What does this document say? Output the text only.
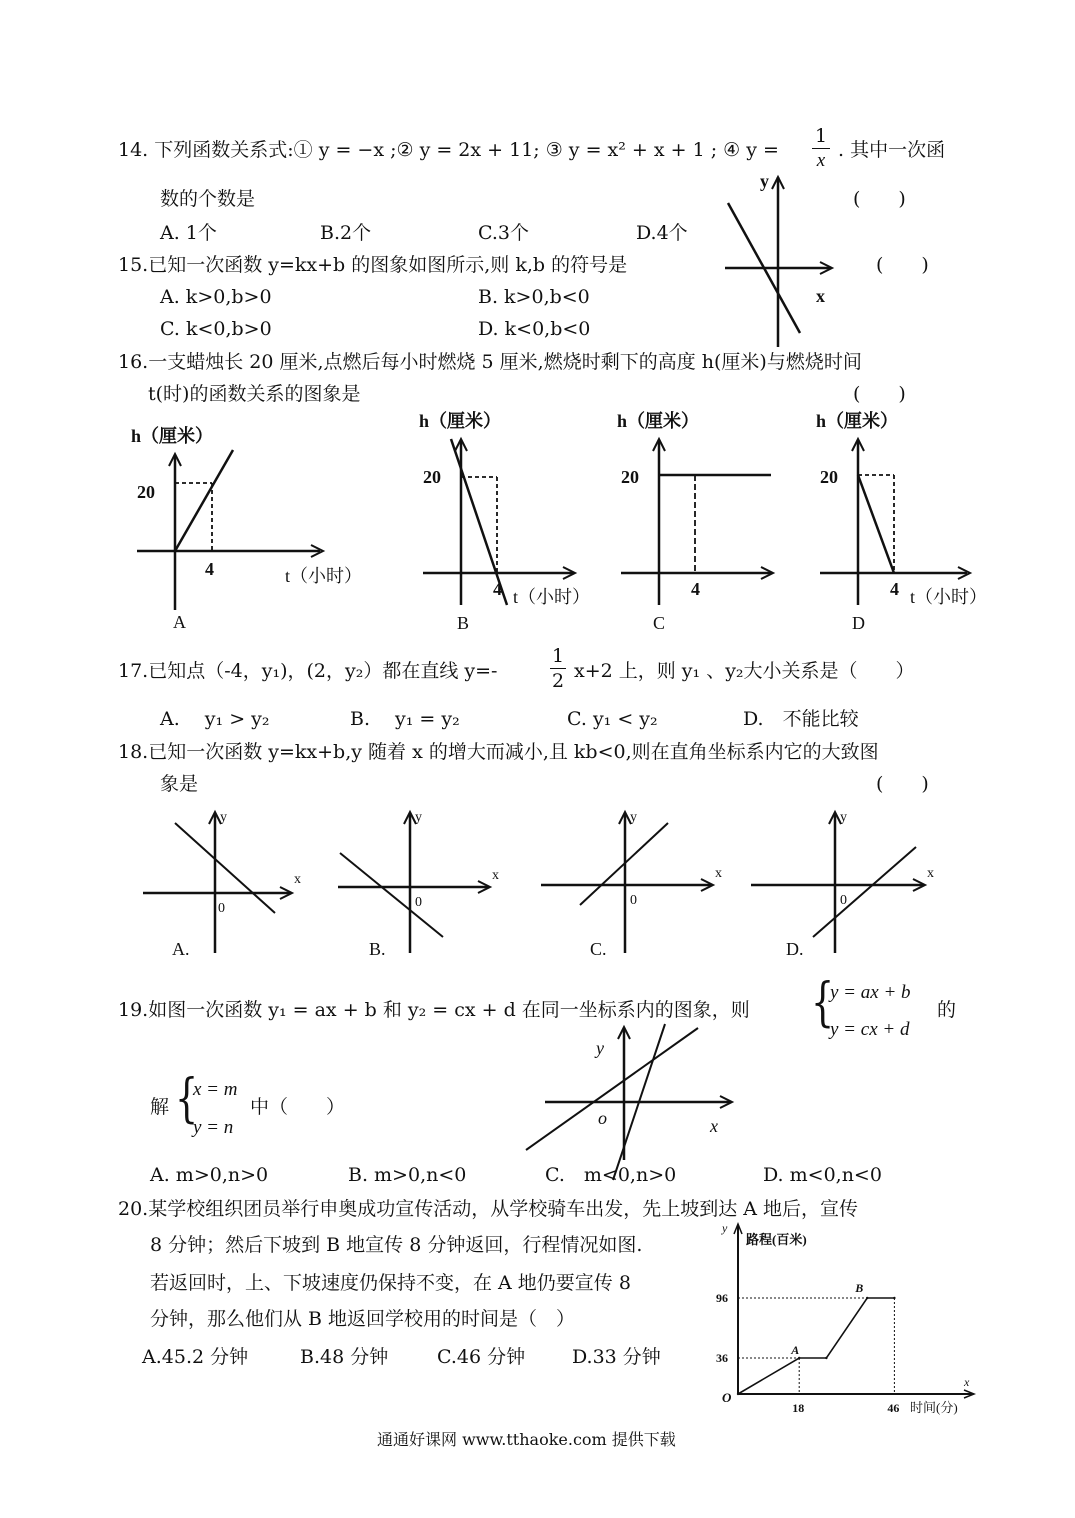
14. 下列函数关系式:① y = −x ;② y = 2x + 11; ③ y = x² + x + 1 ; ④ y =
1
x . 其中一次函
数的个数是	(　　)
A. 1个	B.2个	C.3个	D.4个
y
x
15.已知一次函数 y=kx+b 的图象如图所示,则 k,b 的符号是	(　　)
A. k>0,b>0	B. k>0,b<0
C. k<0,b>0	D. k<0,b<0
16.一支蜡烛长 20 厘米,点燃后每小时燃烧 5 厘米,燃烧时剩下的高度 h(厘米)与燃烧时间
t(时)的函数关系的图象是	(　　)
h（厘米）
20
4	t（小时）
A
h（厘米）
20
4 t（小时）
B
h（厘米）
20
4
C
h（厘米）
20
4 t（小时）
D
17.已知点（-4，y₁)，(2，y₂）都在直线 y=-
1
2 x+2 上，则 y₁ 、y₂大小关系是（　　）
A.　 y₁ > y₂	B.　 y₁ = y₂	C. y₁ < y₂	D.　不能比较
18.已知一次函数 y=kx+b,y 随着 x 的增大而减小,且 kb<0,则在直角坐标系内它的大致图
象是	(　　)
y
x
0
A.
y
x
0
B.
y
x
0
C.
y
x
0
D.
19.如图一次函数 y₁ = ax + b 和 y₂ = cx + d 在同一坐标系内的图象，则 {
y = ax + b
y = cx + d
的
解 {
x = m
y = n
中（　　）
y
x
o
A. m>0,n>0	B. m>0,n<0	C.　m<0,n>0	D. m<0,n<0
20.某学校组织团员举行申奥成功宣传活动，从学校骑车出发，先上坡到达 A 地后，宣传
8 分钟；然后下坡到 B 地宣传 8 分钟返回，行程情况如图.
若返回时，上、下坡速度仍保持不变，在 A 地仍要宣传 8
分钟，那么他们从 B 地返回学校用的时间是（　）
A.45.2 分钟	B.48 分钟	C.46 分钟 D.33 分钟
y
路程(百米)
x
时间(分)
O
96
36
18	46
A
B
通通好课网 www.tthaoke.com 提供下载
